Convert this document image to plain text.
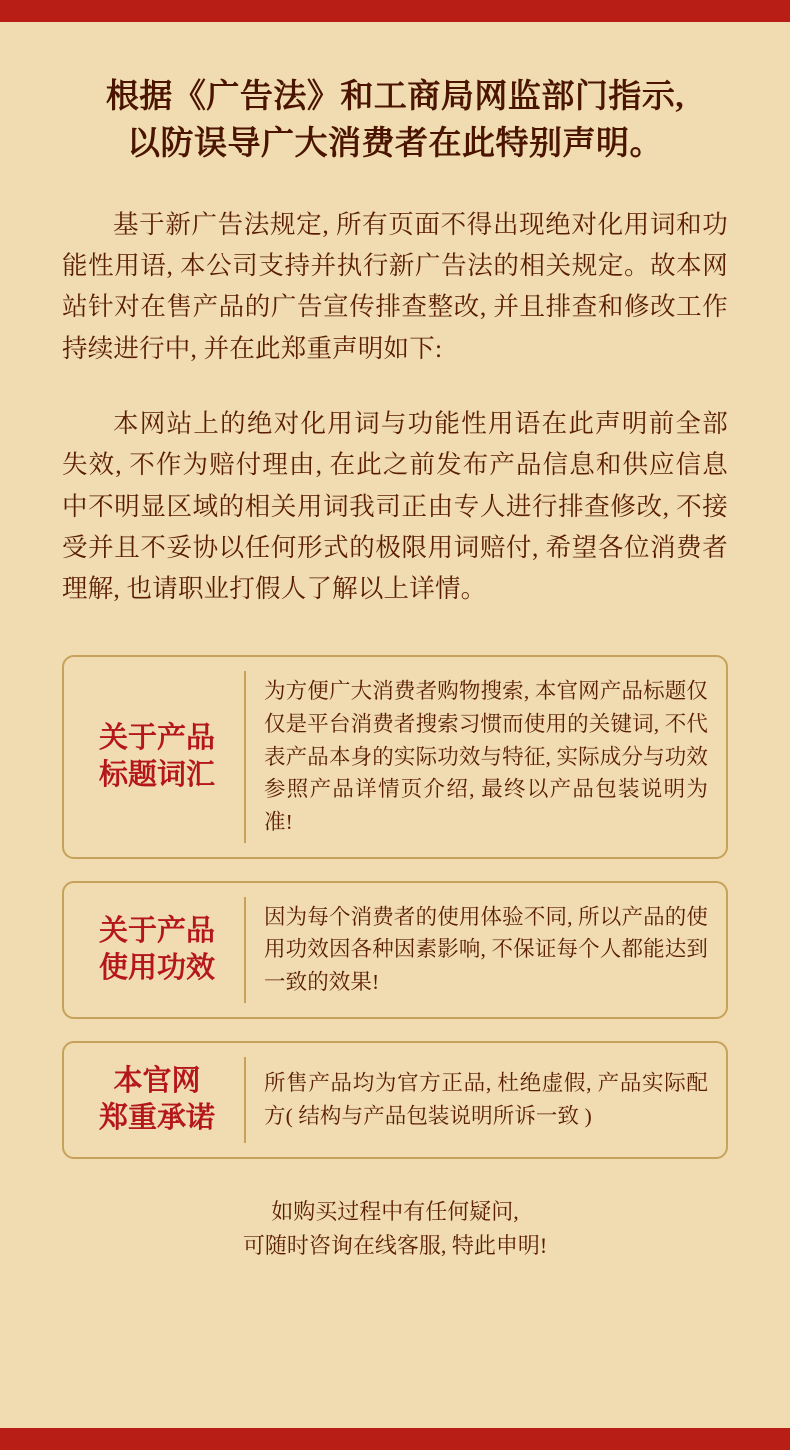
根据《广告法》和工商局网监部门指示,
以防误导广大消费者在此特别声明。

基于新广告法规定, 所有页面不得出现绝对化用词和功能性用语, 本公司支持并执行新广告法的相关规定。故本网站针对在售产品的广告宣传排查整改, 并且排查和修改工作持续进行中, 并在此郑重声明如下:

本网站上的绝对化用词与功能性用语在此声明前全部失效, 不作为赔付理由, 在此之前发布产品信息和供应信息中不明显区域的相关用词我司正由专人进行排查修改, 不接受并且不妥协以任何形式的极限用词赔付, 希望各位消费者理解, 也请职业打假人了解以上详情。

关于产品
标题词汇
为方便广大消费者购物搜索, 本官网产品标题仅仅是平台消费者搜索习惯而使用的关键词, 不代表产品本身的实际功效与特征, 实际成分与功效参照产品详情页介绍, 最终以产品包装说明为准!
关于产品
使用功效
因为每个消费者的使用体验不同, 所以产品的使用功效因各种因素影响, 不保证每个人都能达到一致的效果!
本官网
郑重承诺
所售产品均为官方正品, 杜绝虚假, 产品实际配方( 结构与产品包装说明所诉一致 )
如购买过程中有任何疑问,
可随时咨询在线客服, 特此申明!
